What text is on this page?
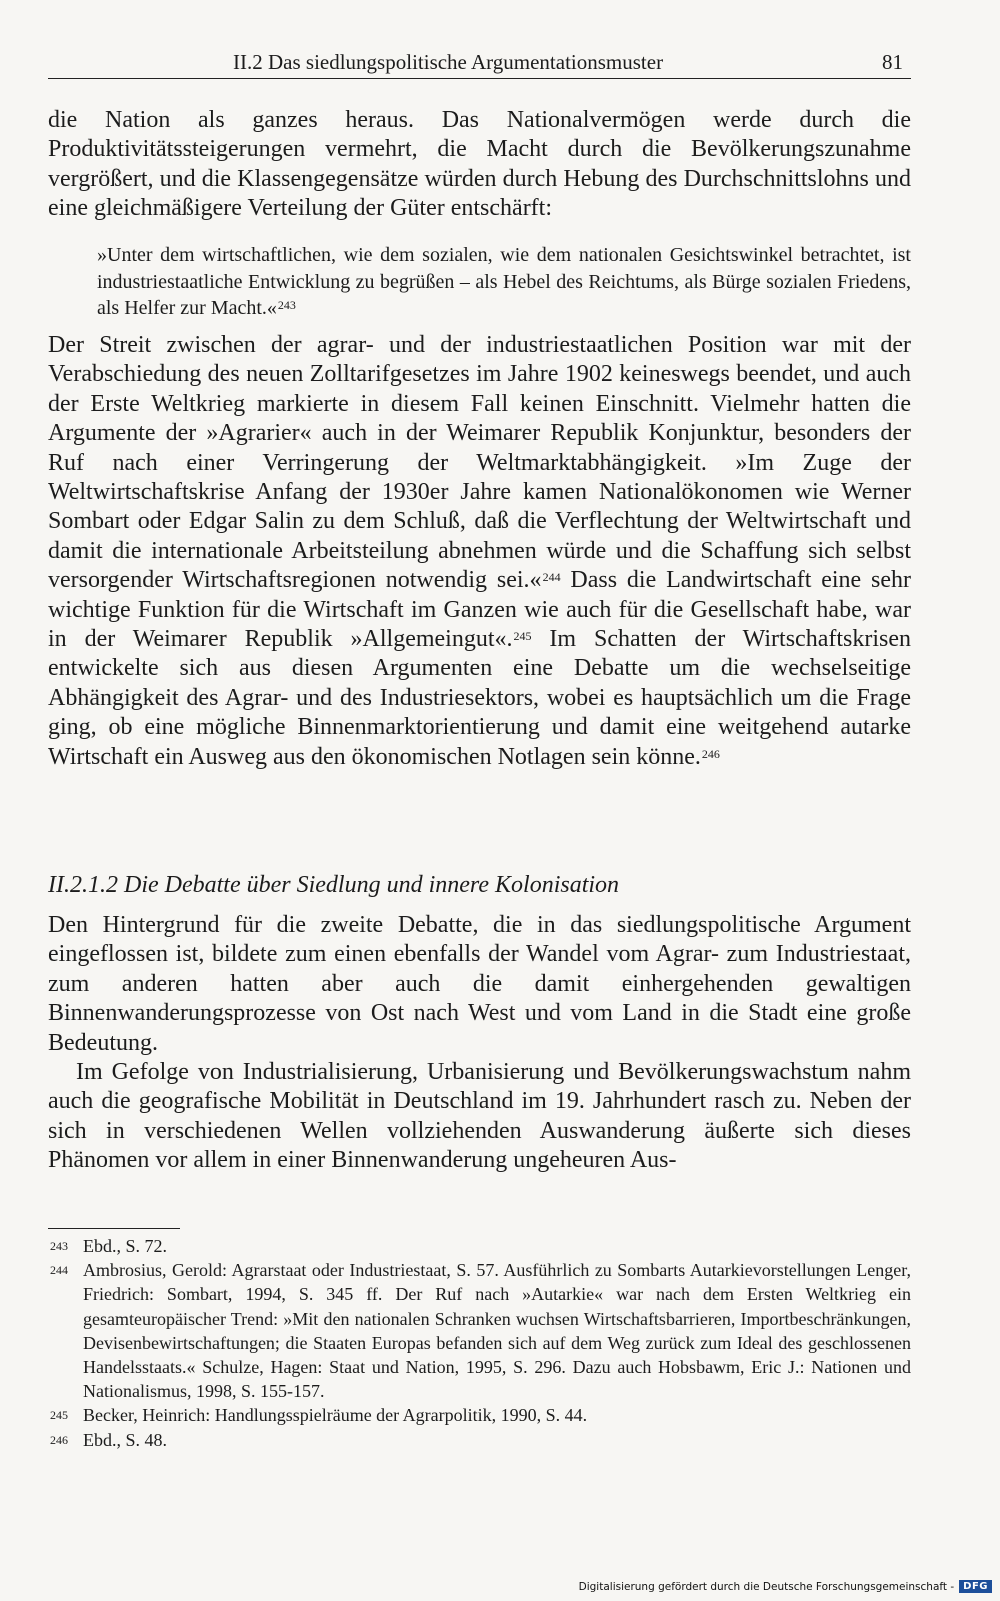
II.2 Das siedlungspolitische Argumentationsmuster	81

die Nation als ganzes heraus. Das Nationalvermögen werde durch die Produktivitätssteigerungen vermehrt, die Macht durch die Bevölkerungszunahme vergrößert, und die Klassengegensätze würden durch Hebung des Durchschnittslohns und eine gleichmäßigere Verteilung der Güter entschärft:

»Unter dem wirtschaftlichen, wie dem sozialen, wie dem nationalen Gesichtswinkel betrachtet, ist industriestaatliche Entwicklung zu begrüßen – als Hebel des Reichtums, als Bürge sozialen Friedens, als Helfer zur Macht.«$^{243}$

Der Streit zwischen der agrar- und der industriestaatlichen Position war mit der Verabschiedung des neuen Zolltarifgesetzes im Jahre 1902 keineswegs beendet, und auch der Erste Weltkrieg markierte in diesem Fall keinen Einschnitt. Vielmehr hatten die Argumente der »Agrarier« auch in der Weimarer Republik Konjunktur, besonders der Ruf nach einer Verringerung der Weltmarktabhängigkeit. »Im Zuge der Weltwirtschaftskrise Anfang der 1930er Jahre kamen Nationalökonomen wie Werner Sombart oder Edgar Salin zu dem Schluß, daß die Verflechtung der Weltwirtschaft und damit die internationale Arbeitsteilung abnehmen würde und die Schaffung sich selbst versorgender Wirtschaftsregionen notwendig sei.«$^{244}$ Dass die Landwirtschaft eine sehr wichtige Funktion für die Wirtschaft im Ganzen wie auch für die Gesellschaft habe, war in der Weimarer Republik »Allgemeingut«.$^{245}$ Im Schatten der Wirtschaftskrisen entwickelte sich aus diesen Argumenten eine Debatte um die wechselseitige Abhängigkeit des Agrar- und des Industriesektors, wobei es hauptsächlich um die Frage ging, ob eine mögliche Binnenmarktorientierung und damit eine weitgehend autarke Wirtschaft ein Ausweg aus den ökonomischen Notlagen sein könne.$^{246}$

II.2.1.2 Die Debatte über Siedlung und innere Kolonisation

Den Hintergrund für die zweite Debatte, die in das siedlungspolitische Argument eingeflossen ist, bildete zum einen ebenfalls der Wandel vom Agrar- zum Industriestaat, zum anderen hatten aber auch die damit einhergehenden gewaltigen Binnenwanderungsprozesse von Ost nach West und vom Land in die Stadt eine große Bedeutung.

Im Gefolge von Industrialisierung, Urbanisierung und Bevölkerungswachstum nahm auch die geografische Mobilität in Deutschland im 19. Jahrhundert rasch zu. Neben der sich in verschiedenen Wellen vollziehenden Auswanderung äußerte sich dieses Phänomen vor allem in einer Binnenwanderung ungeheuren Aus-

243 Ebd., S. 72.
244 Ambrosius, Gerold: Agrarstaat oder Industriestaat, S. 57. Ausführlich zu Sombarts Autarkievorstellungen Lenger, Friedrich: Sombart, 1994, S. 345 ff. Der Ruf nach »Autarkie« war nach dem Ersten Weltkrieg ein gesamteuropäischer Trend: »Mit den nationalen Schranken wuchsen Wirtschaftsbarrieren, Importbeschränkungen, Devisenbewirtschaftungen; die Staaten Europas befanden sich auf dem Weg zurück zum Ideal des geschlossenen Handelsstaats.« Schulze, Hagen: Staat und Nation, 1995, S. 296. Dazu auch Hobsbawm, Eric J.: Nationen und Nationalismus, 1998, S. 155-157.
245 Becker, Heinrich: Handlungsspielräume der Agrarpolitik, 1990, S. 44.
246 Ebd., S. 48.
Digitalisierung gefördert durch die Deutsche Forschungsgemeinschaft - DFG
